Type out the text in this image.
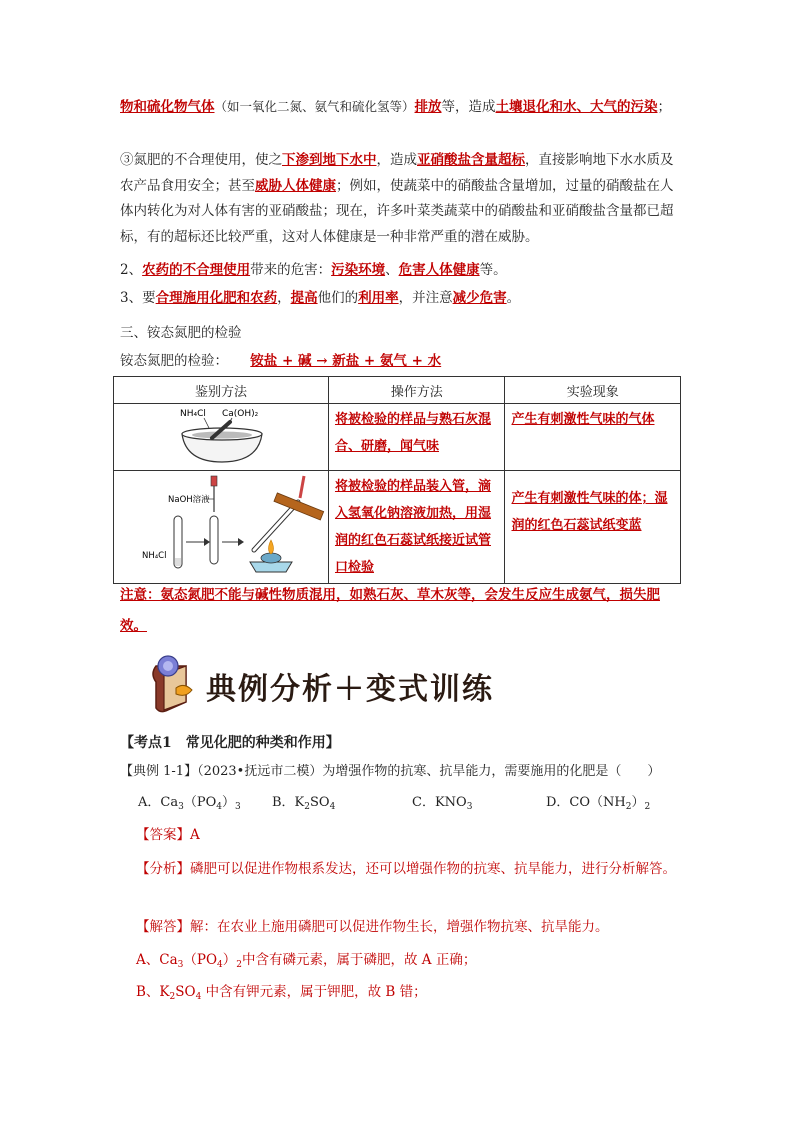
物和硫化物气体（如一氧化二氮、氨气和硫化氢等）排放等，造成土壤退化和水、大气的污染；
③氮肥的不合理使用，使之下渗到地下水中，造成亚硝酸盐含量超标，直接影响地下水水质及农产品食用安全；甚至威胁人体健康；例如，使蔬菜中的硝酸盐含量增加，过量的硝酸盐在人体内转化为对人体有害的亚硝酸盐；现在，许多叶菜类蔬菜中的硝酸盐和亚硝酸盐含量都已超标，有的超标还比较严重，这对人体健康是一种非常严重的潜在威胁。
2、农药的不合理使用带来的危害：污染环境、危害人体健康等。
3、要合理施用化肥和农药，提高他们的利用率，并注意减少危害。
三、铵态氮肥的检验
铵态氮肥的检验： 铵盐 + 碱 → 新盐 + 氨气 + 水
鉴别方法	操作方法	实验现象

NH₄Cl Ca(OH)₂	将被检验的样品与熟石灰混合、研磨，闻气味	产生有刺激性气味的气体

NaOH溶液
NH₄Cl	将被检验的样品装入管，滴入氢氧化钠溶液加热，用湿润的红色石蕊试纸接近试管口检验	产生有刺激性气味的体；湿润的红色石蕊试纸变蓝
注意：氨态氮肥不能与碱性物质混用，如熟石灰、草木灰等，会发生反应生成氨气，损失肥效。
典例分析＋变式训练
【考点1　常见化肥的种类和作用】
【典例 1-1】（2023•抚远市二模）为增强作物的抗寒、抗旱能力，需要施用的化肥是（　　）
A．$Ca_3(PO_4)_3$ B．$K_2SO_4$	C．$KNO_3$	D．$CO(NH_2)_2$
【答案】A
【分析】磷肥可以促进作物根系发达，还可以增强作物的抗寒、抗旱能力，进行分析解答。
【解答】解：在农业上施用磷肥可以促进作物生长，增强作物抗寒、抗旱能力。
A、$Ca_3(PO_4)_2$中含有磷元素，属于磷肥，故 A 正确；
B、$K_2SO_4$ 中含有钾元素，属于钾肥，故 B 错；
